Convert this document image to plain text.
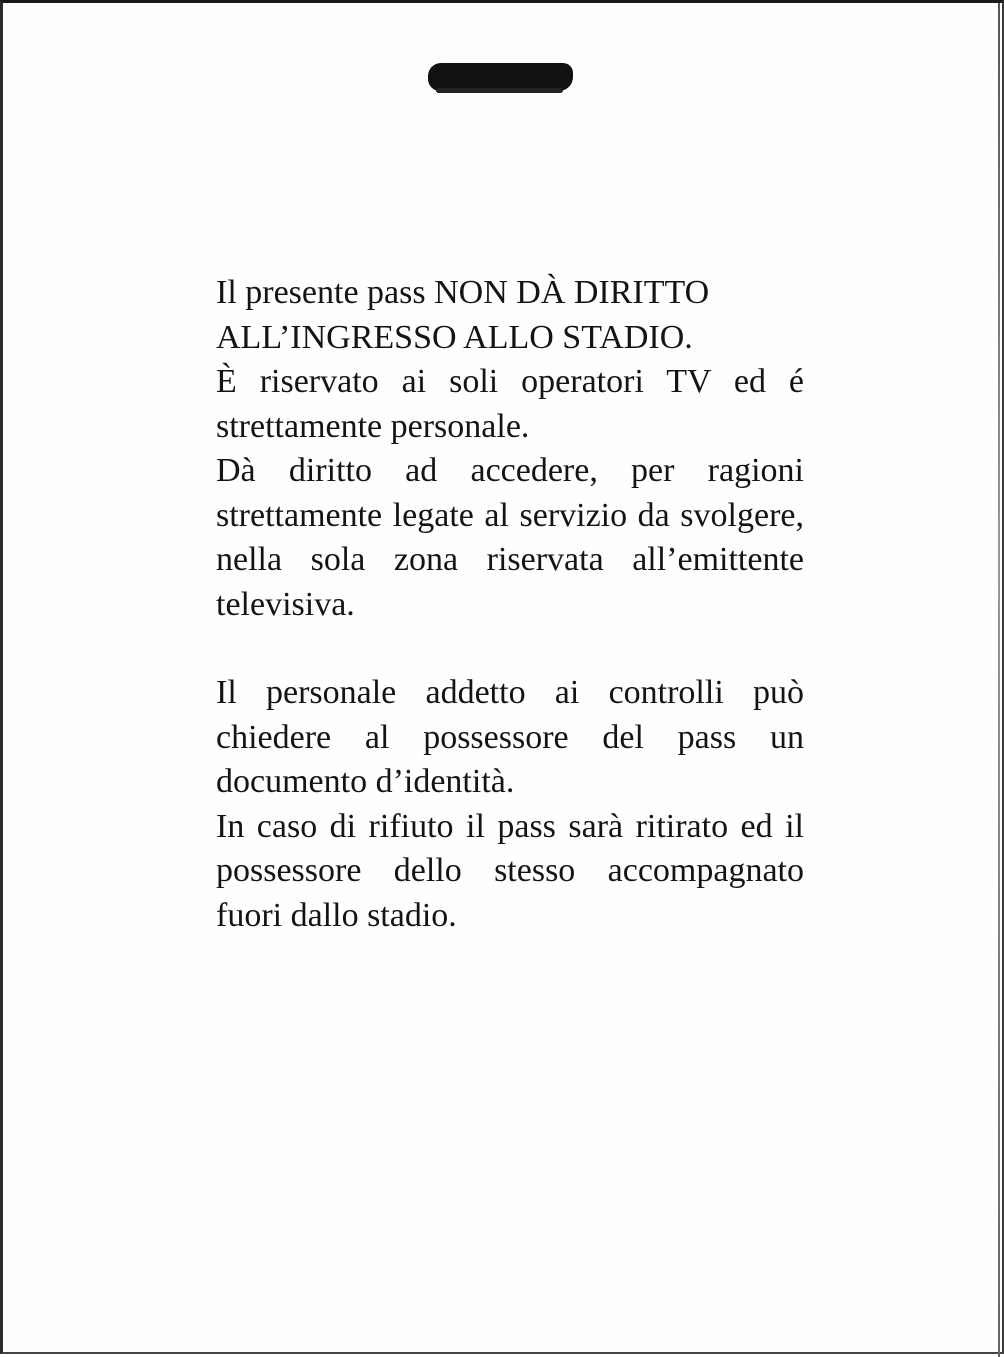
Il presente pass NON DÀ DIRITTO
ALL’INGRESSO ALLO STADIO.

È riservato ai soli operatori TV ed é strettamente personale.

Dà diritto ad accedere, per ragioni strettamente legate al servizio da svolgere, nella sola zona riservata all’emittente televisiva.

Il personale addetto ai controlli può chiedere al possessore del pass un documento d’identità.

In caso di rifiuto il pass sarà ritirato ed il possessore dello stesso accompagnato fuori dallo stadio.
